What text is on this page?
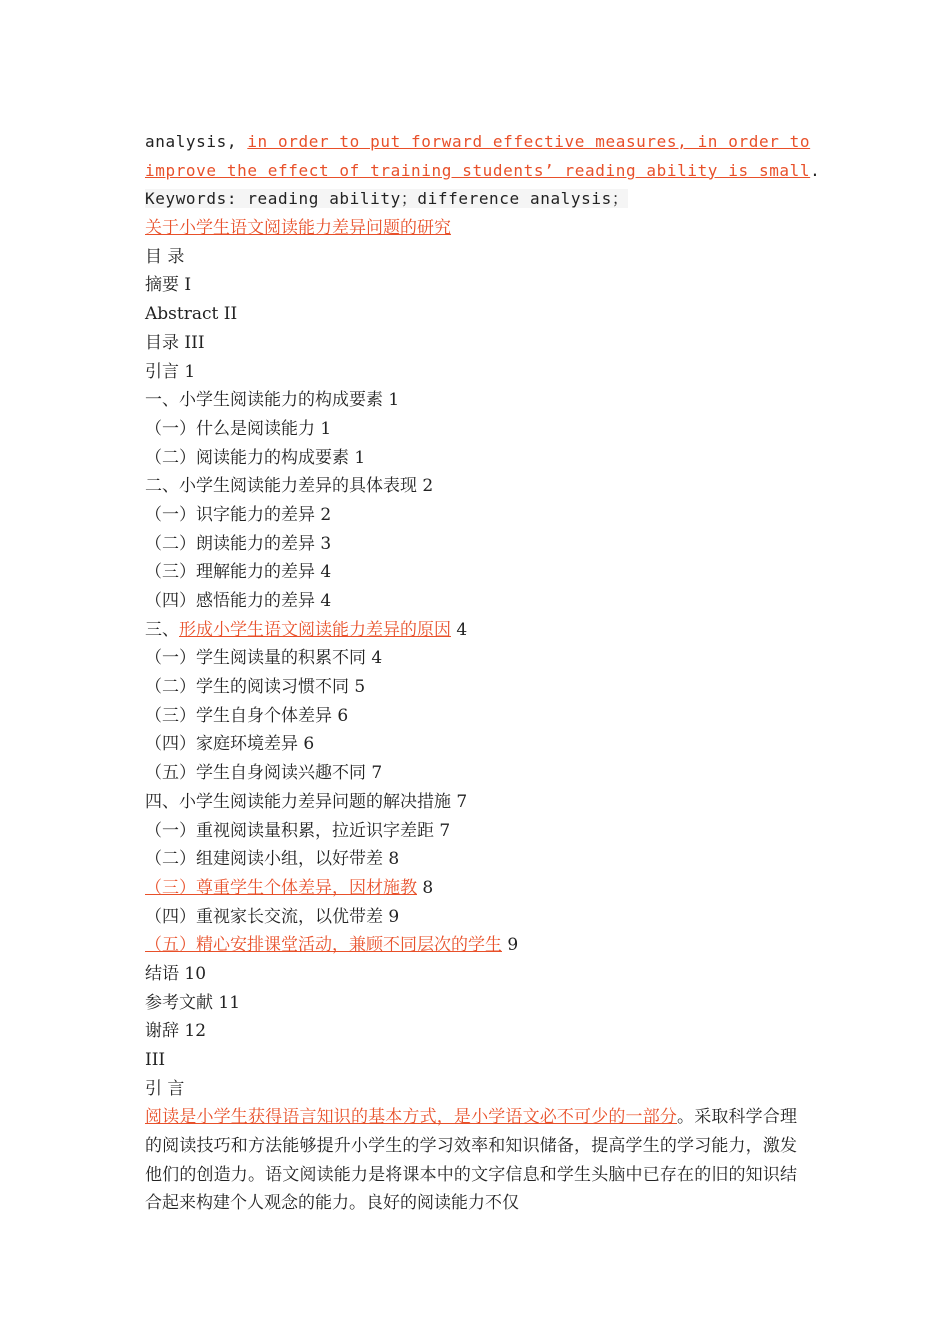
analysis, in order to put forward effective measures, in order to
improve the effect of training students’ reading ability is small.
Keywords: reading ability；difference analysis；
关于小学生语文阅读能力差异问题的研究
目 录
摘要 I
Abstract II
目录 III
引言 1
一、小学生阅读能力的构成要素 1
（一）什么是阅读能力 1
（二）阅读能力的构成要素 1
二、小学生阅读能力差异的具体表现 2
（一）识字能力的差异 2
（二）朗读能力的差异 3
（三）理解能力的差异 4
（四）感悟能力的差异 4
三、形成小学生语文阅读能力差异的原因 4
（一）学生阅读量的积累不同 4
（二）学生的阅读习惯不同 5
（三）学生自身个体差异 6
（四）家庭环境差异 6
（五）学生自身阅读兴趣不同 7
四、小学生阅读能力差异问题的解决措施 7
（一）重视阅读量积累，拉近识字差距 7
（二）组建阅读小组，以好带差 8
（三）尊重学生个体差异，因材施教 8
（四）重视家长交流，以优带差 9
（五）精心安排课堂活动，兼顾不同层次的学生 9
结语 10
参考文献 11
谢辞 12
III
引 言
阅读是小学生获得语言知识的基本方式，是小学语文必不可少的一部分。采取科学合理的阅读技巧和方法能够提升小学生的学习效率和知识储备，提高学生的学习能力，激发他们的创造力。语文阅读能力是将课本中的文字信息和学生头脑中已存在的旧的知识结合起来构建个人观念的能力。良好的阅读能力不仅
